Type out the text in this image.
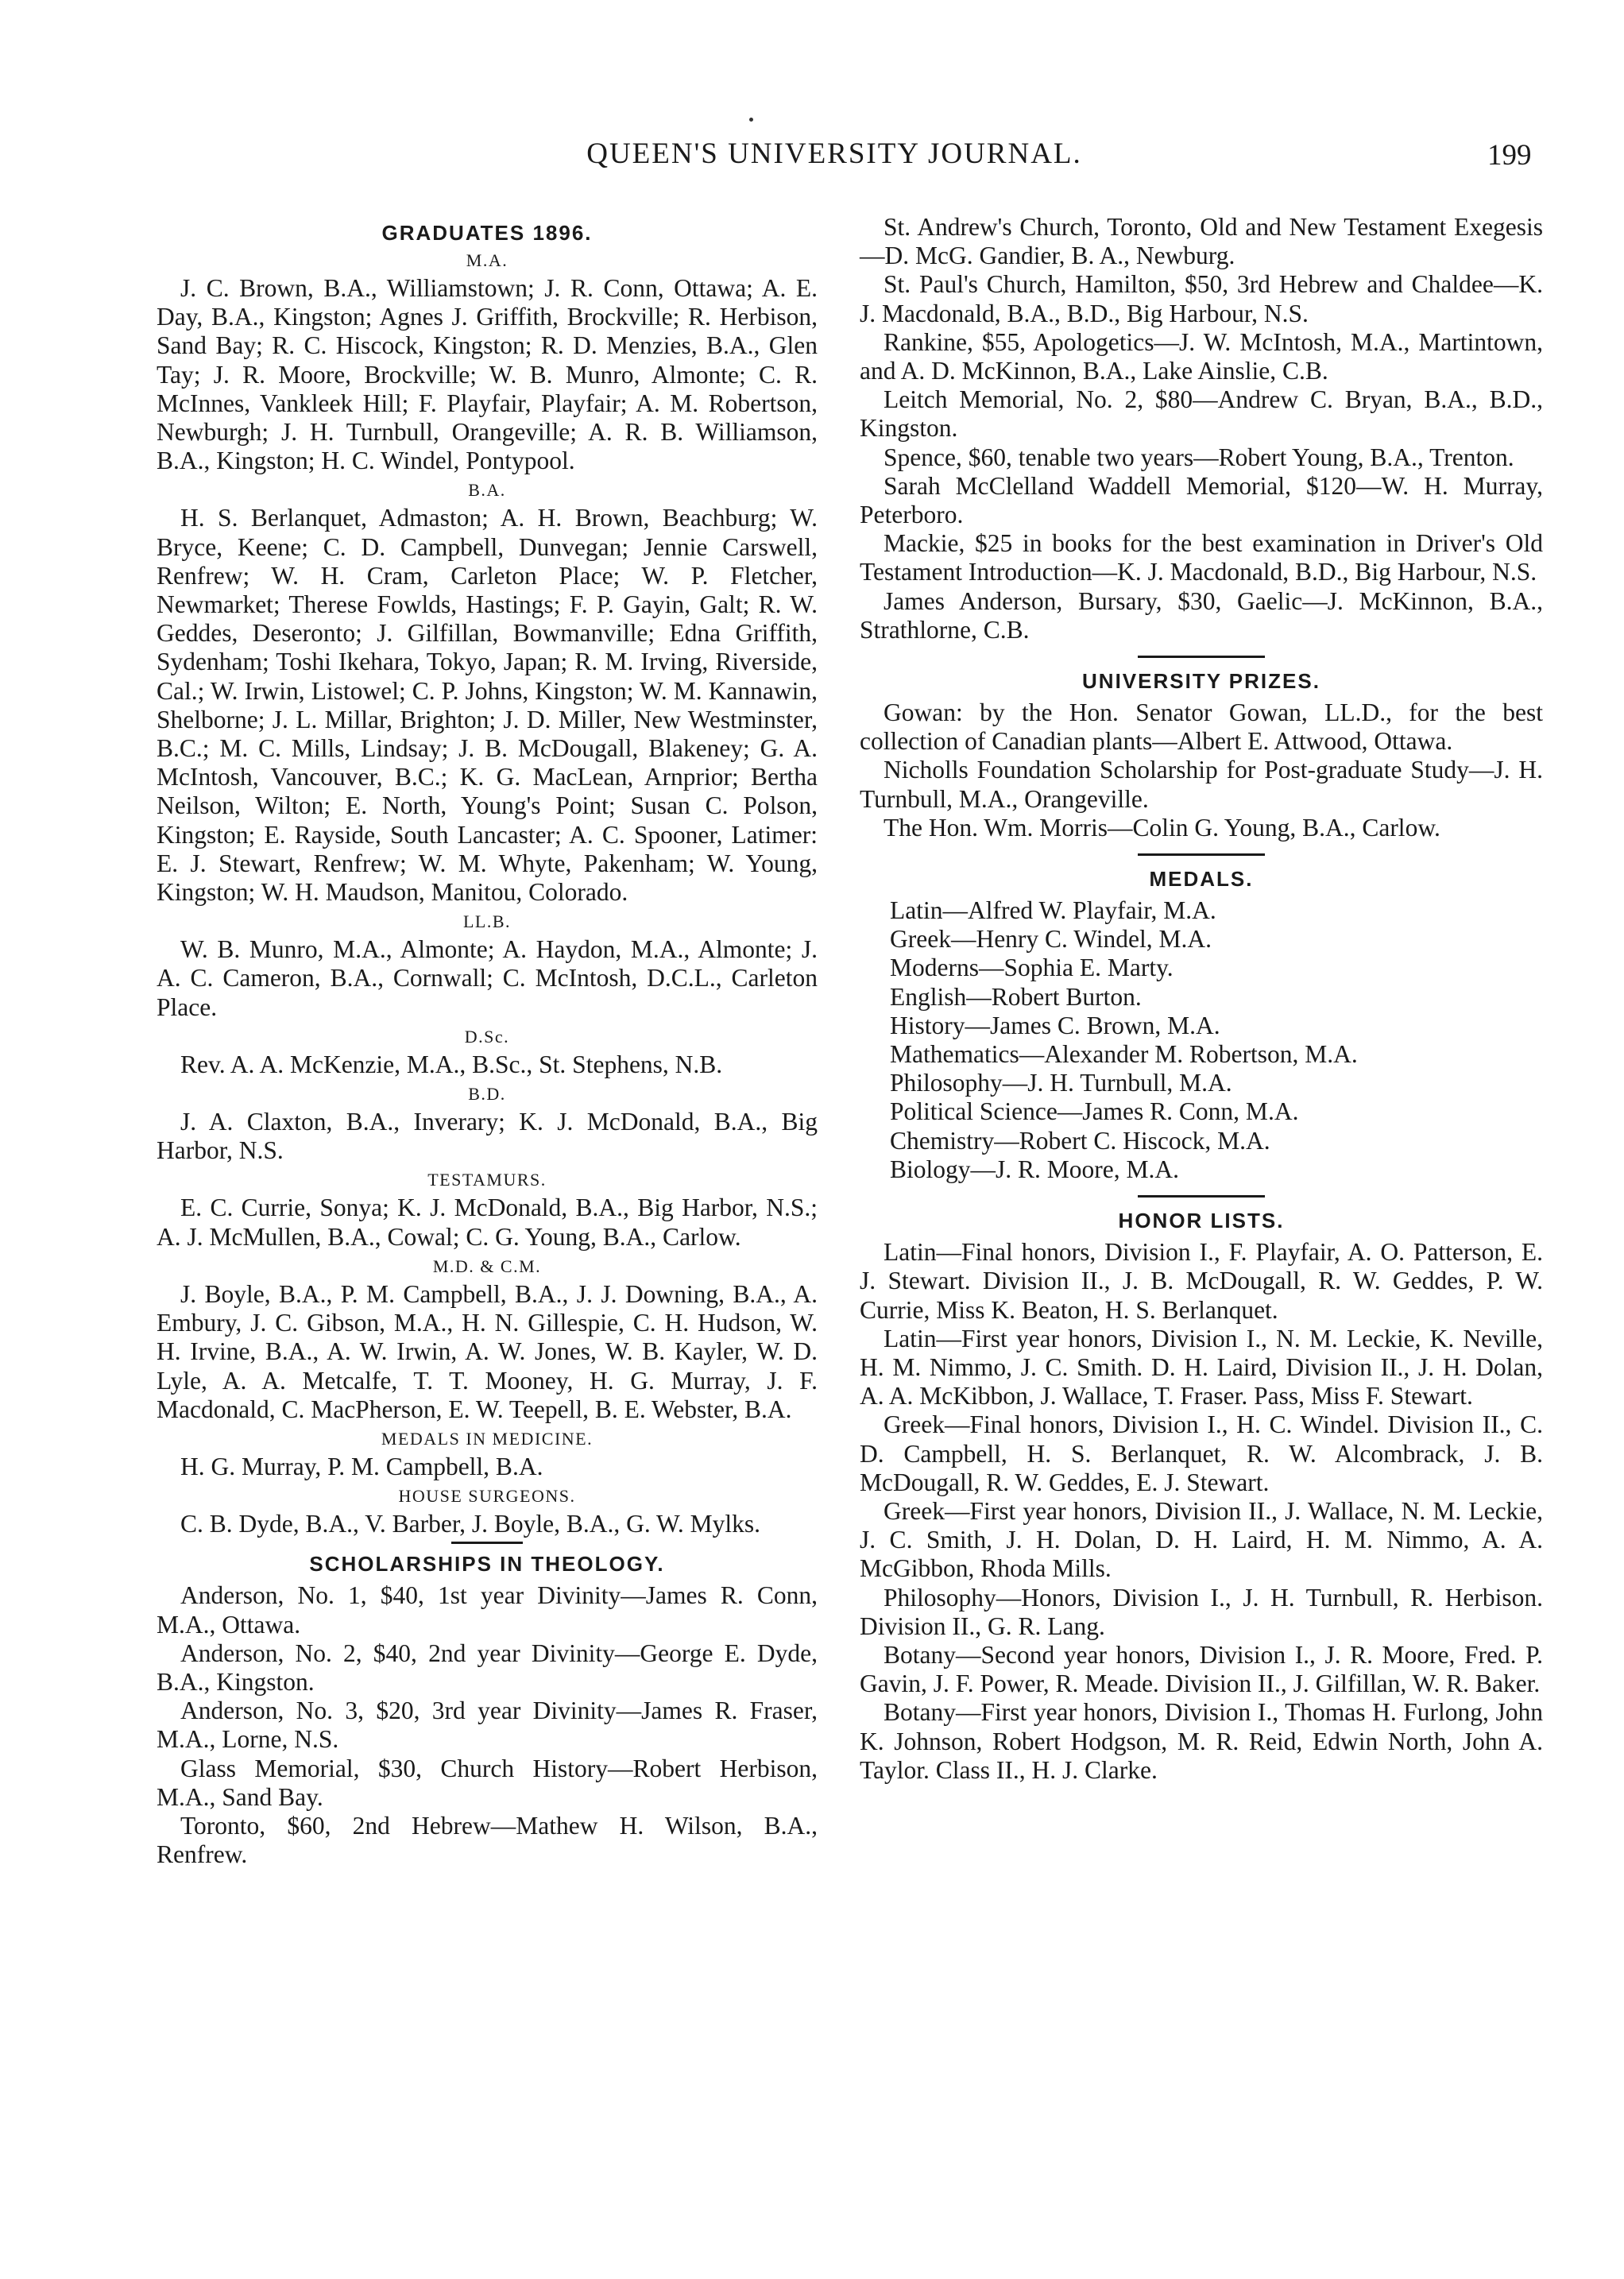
QUEEN'S UNIVERSITY JOURNAL.	199
GRADUATES 1896.
M.A.

J. C. Brown, B.A., Williamstown; J. R. Conn, Ottawa; A. E. Day, B.A., Kingston; Agnes J. Griffith, Brockville; R. Herbison, Sand Bay; R. C. Hiscock, Kingston; R. D. Menzies, B.A., Glen Tay; J. R. Moore, Brockville; W. B. Munro, Almonte; C. R. McInnes, Vankleek Hill; F. Playfair, Playfair; A. M. Robertson, Newburgh; J. H. Turnbull, Orangeville; A. R. B. Williamson, B.A., Kingston; H. C. Windel, Pontypool.

B.A.

H. S. Berlanquet, Admaston; A. H. Brown, Beachburg; W. Bryce, Keene; C. D. Campbell, Dunvegan; Jennie Carswell, Renfrew; W. H. Cram, Carleton Place; W. P. Fletcher, Newmarket; Therese Fowlds, Hastings; F. P. Gayin, Galt; R. W. Geddes, Deseronto; J. Gilfillan, Bowmanville; Edna Griffith, Sydenham; Toshi Ikehara, Tokyo, Japan; R. M. Irving, Riverside, Cal.; W. Irwin, Listowel; C. P. Johns, Kingston; W. M. Kannawin, Shelborne; J. L. Millar, Brighton; J. D. Miller, New Westminster, B.C.; M. C. Mills, Lindsay; J. B. McDougall, Blakeney; G. A. McIntosh, Vancouver, B.C.; K. G. MacLean, Arnprior; Bertha Neilson, Wilton; E. North, Young's Point; Susan C. Polson, Kingston; E. Rayside, South Lancaster; A. C. Spooner, Latimer: E. J. Stewart, Renfrew; W. M. Whyte, Pakenham; W. Young, Kingston; W. H. Maudson, Manitou, Colorado.

LL.B.

W. B. Munro, M.A., Almonte; A. Haydon, M.A., Almonte; J. A. C. Cameron, B.A., Cornwall; C. McIntosh, D.C.L., Carleton Place.

D.Sc.

Rev. A. A. McKenzie, M.A., B.Sc., St. Stephens, N.B.

B.D.

J. A. Claxton, B.A., Inverary; K. J. McDonald, B.A., Big Harbor, N.S.

TESTAMURS.

E. C. Currie, Sonya; K. J. McDonald, B.A., Big Harbor, N.S.; A. J. McMullen, B.A., Cowal; C. G. Young, B.A., Carlow.

M.D. & C.M.

J. Boyle, B.A., P. M. Campbell, B.A., J. J. Downing, B.A., A. Embury, J. C. Gibson, M.A., H. N. Gillespie, C. H. Hudson, W. H. Irvine, B.A., A. W. Irwin, A. W. Jones, W. B. Kayler, W. D. Lyle, A. A. Metcalfe, T. T. Mooney, H. G. Murray, J. F. Macdonald, C. MacPherson, E. W. Teepell, B. E. Webster, B.A.

MEDALS IN MEDICINE.

H. G. Murray, P. M. Campbell, B.A.

HOUSE SURGEONS.

C. B. Dyde, B.A., V. Barber, J. Boyle, B.A., G. W. Mylks.

SCHOLARSHIPS IN THEOLOGY.

Anderson, No. 1, $40, 1st year Divinity—James R. Conn, M.A., Ottawa.

Anderson, No. 2, $40, 2nd year Divinity—George E. Dyde, B.A., Kingston.

Anderson, No. 3, $20, 3rd year Divinity—James R. Fraser, M.A., Lorne, N.S.

Glass Memorial, $30, Church History—Robert Herbison, M.A., Sand Bay.

Toronto, $60, 2nd Hebrew—Mathew H. Wilson, B.A., Renfrew.

St. Andrew's Church, Toronto, Old and New Testament Exegesis—D. McG. Gandier, B. A., Newburg.

St. Paul's Church, Hamilton, $50, 3rd Hebrew and Chaldee—K. J. Macdonald, B.A., B.D., Big Harbour, N.S.

Rankine, $55, Apologetics—J. W. McIntosh, M.A., Martintown, and A. D. McKinnon, B.A., Lake Ainslie, C.B.

Leitch Memorial, No. 2, $80—Andrew C. Bryan, B.A., B.D., Kingston.

Spence, $60, tenable two years—Robert Young, B.A., Trenton.

Sarah McClelland Waddell Memorial, $120—W. H. Murray, Peterboro.

Mackie, $25 in books for the best examination in Driver's Old Testament Introduction—K. J. Macdonald, B.D., Big Harbour, N.S.

James Anderson, Bursary, $30, Gaelic—J. McKinnon, B.A., Strathlorne, C.B.

UNIVERSITY PRIZES.

Gowan: by the Hon. Senator Gowan, LL.D., for the best collection of Canadian plants—Albert E. Attwood, Ottawa.

Nicholls Foundation Scholarship for Post-graduate Study—J. H. Turnbull, M.A., Orangeville.

The Hon. Wm. Morris—Colin G. Young, B.A., Carlow.

MEDALS.
Latin—Alfred W. Playfair, M.A.
Greek—Henry C. Windel, M.A.
Moderns—Sophia E. Marty.
English—Robert Burton.
History—James C. Brown, M.A.
Mathematics—Alexander M. Robertson, M.A.
Philosophy—J. H. Turnbull, M.A.
Political Science—James R. Conn, M.A.
Chemistry—Robert C. Hiscock, M.A.
Biology—J. R. Moore, M.A.
HONOR LISTS.

Latin—Final honors, Division I., F. Playfair, A. O. Patterson, E. J. Stewart. Division II., J. B. McDougall, R. W. Geddes, P. W. Currie, Miss K. Beaton, H. S. Berlanquet.

Latin—First year honors, Division I., N. M. Leckie, K. Neville, H. M. Nimmo, J. C. Smith. D. H. Laird, Division II., J. H. Dolan, A. A. McKibbon, J. Wallace, T. Fraser. Pass, Miss F. Stewart.

Greek—Final honors, Division I., H. C. Windel. Division II., C. D. Campbell, H. S. Berlanquet, R. W. Alcombrack, J. B. McDougall, R. W. Geddes, E. J. Stewart.

Greek—First year honors, Division II., J. Wallace, N. M. Leckie, J. C. Smith, J. H. Dolan, D. H. Laird, H. M. Nimmo, A. A. McGibbon, Rhoda Mills.

Philosophy—Honors, Division I., J. H. Turnbull, R. Herbison. Division II., G. R. Lang.

Botany—Second year honors, Division I., J. R. Moore, Fred. P. Gavin, J. F. Power, R. Meade. Division II., J. Gilfillan, W. R. Baker.

Botany—First year honors, Division I., Thomas H. Furlong, John K. Johnson, Robert Hodgson, M. R. Reid, Edwin North, John A. Taylor. Class II., H. J. Clarke.
